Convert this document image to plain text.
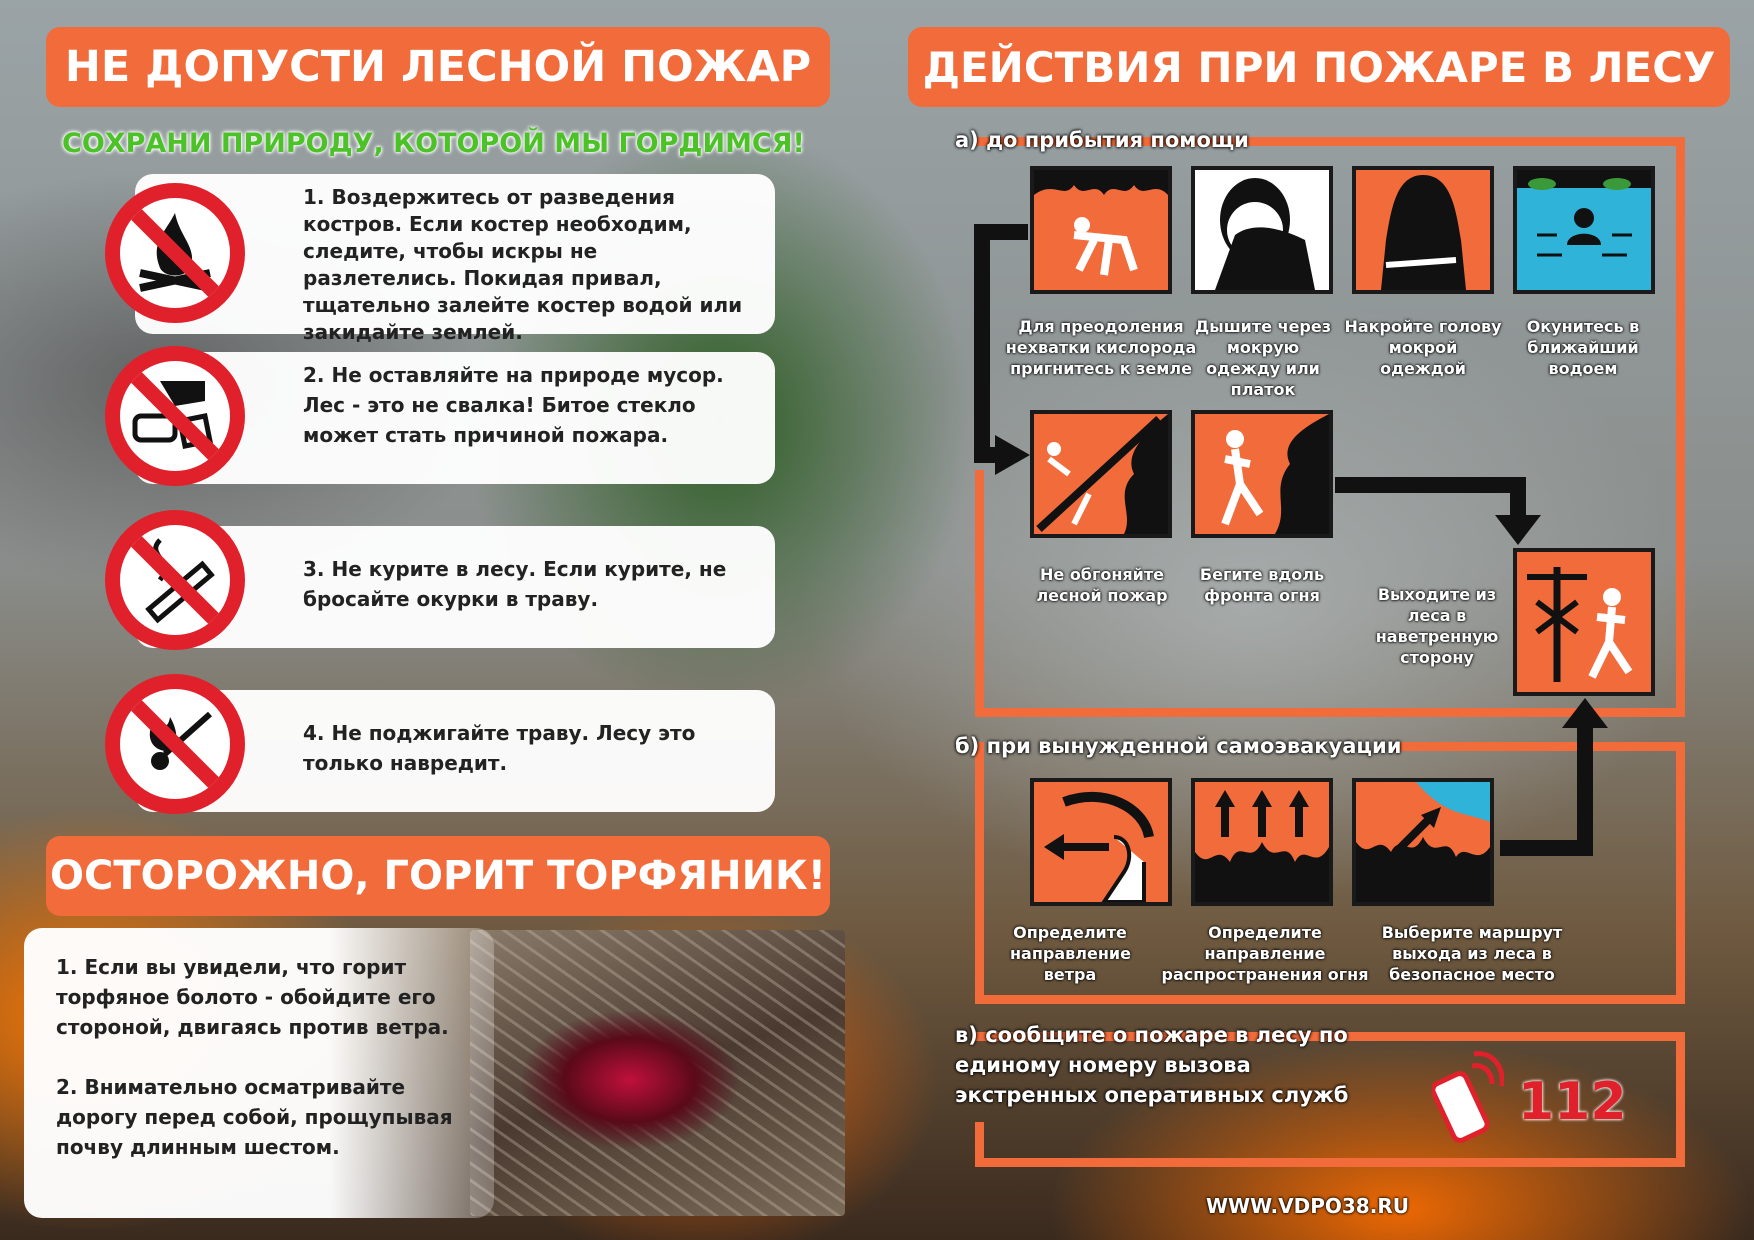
НЕ ДОПУСТИ ЛЕСНОЙ ПОЖАР
СОХРАНИ ПРИРОДУ, КОТОРОЙ МЫ ГОРДИМСЯ!
1. Воздержитесь от разведения костров. Если костер необходим, следите, чтобы искры не разлетелись. Покидая привал, тщательно залейте костер водой или закидайте землей.
2. Не оставляйте на природе мусор. Лес - это не свалка! Битое стекло может стать причиной пожара.
3. Не курите в лесу. Если курите, не бросайте окурки в траву.
4. Не поджигайте траву. Лесу это только навредит.
ОСТОРОЖНО, ГОРИТ ТОРФЯНИК!
1. Если вы увидели, что горит торфяное болото - обойдите его стороной, двигаясь против ветра.
2. Внимательно осматривайте дорогу перед собой, прощупывая почву длинным шестом.
ДЕЙСТВИЯ ПРИ ПОЖАРЕ В ЛЕСУ
а) до прибытия помощи
б) при вынужденной самоэвакуации
в) сообщите о пожаре в лесу по единому номеру вызова экстренных оперативных служб
Для преодоления нехватки кислорода пригнитесь к земле
Дышите через мокрую одежду или платок
Накройте голову мокрой одеждой
Окунитесь в ближайший водоем
Не обгоняйте лесной пожар
Бегите вдоль фронта огня	Выходите из леса в наветренную сторону
Определите направление ветра
Определите направление распространения огня
Выберите маршрут выхода из леса в безопасное место
112
WWW.VDPO38.RU
